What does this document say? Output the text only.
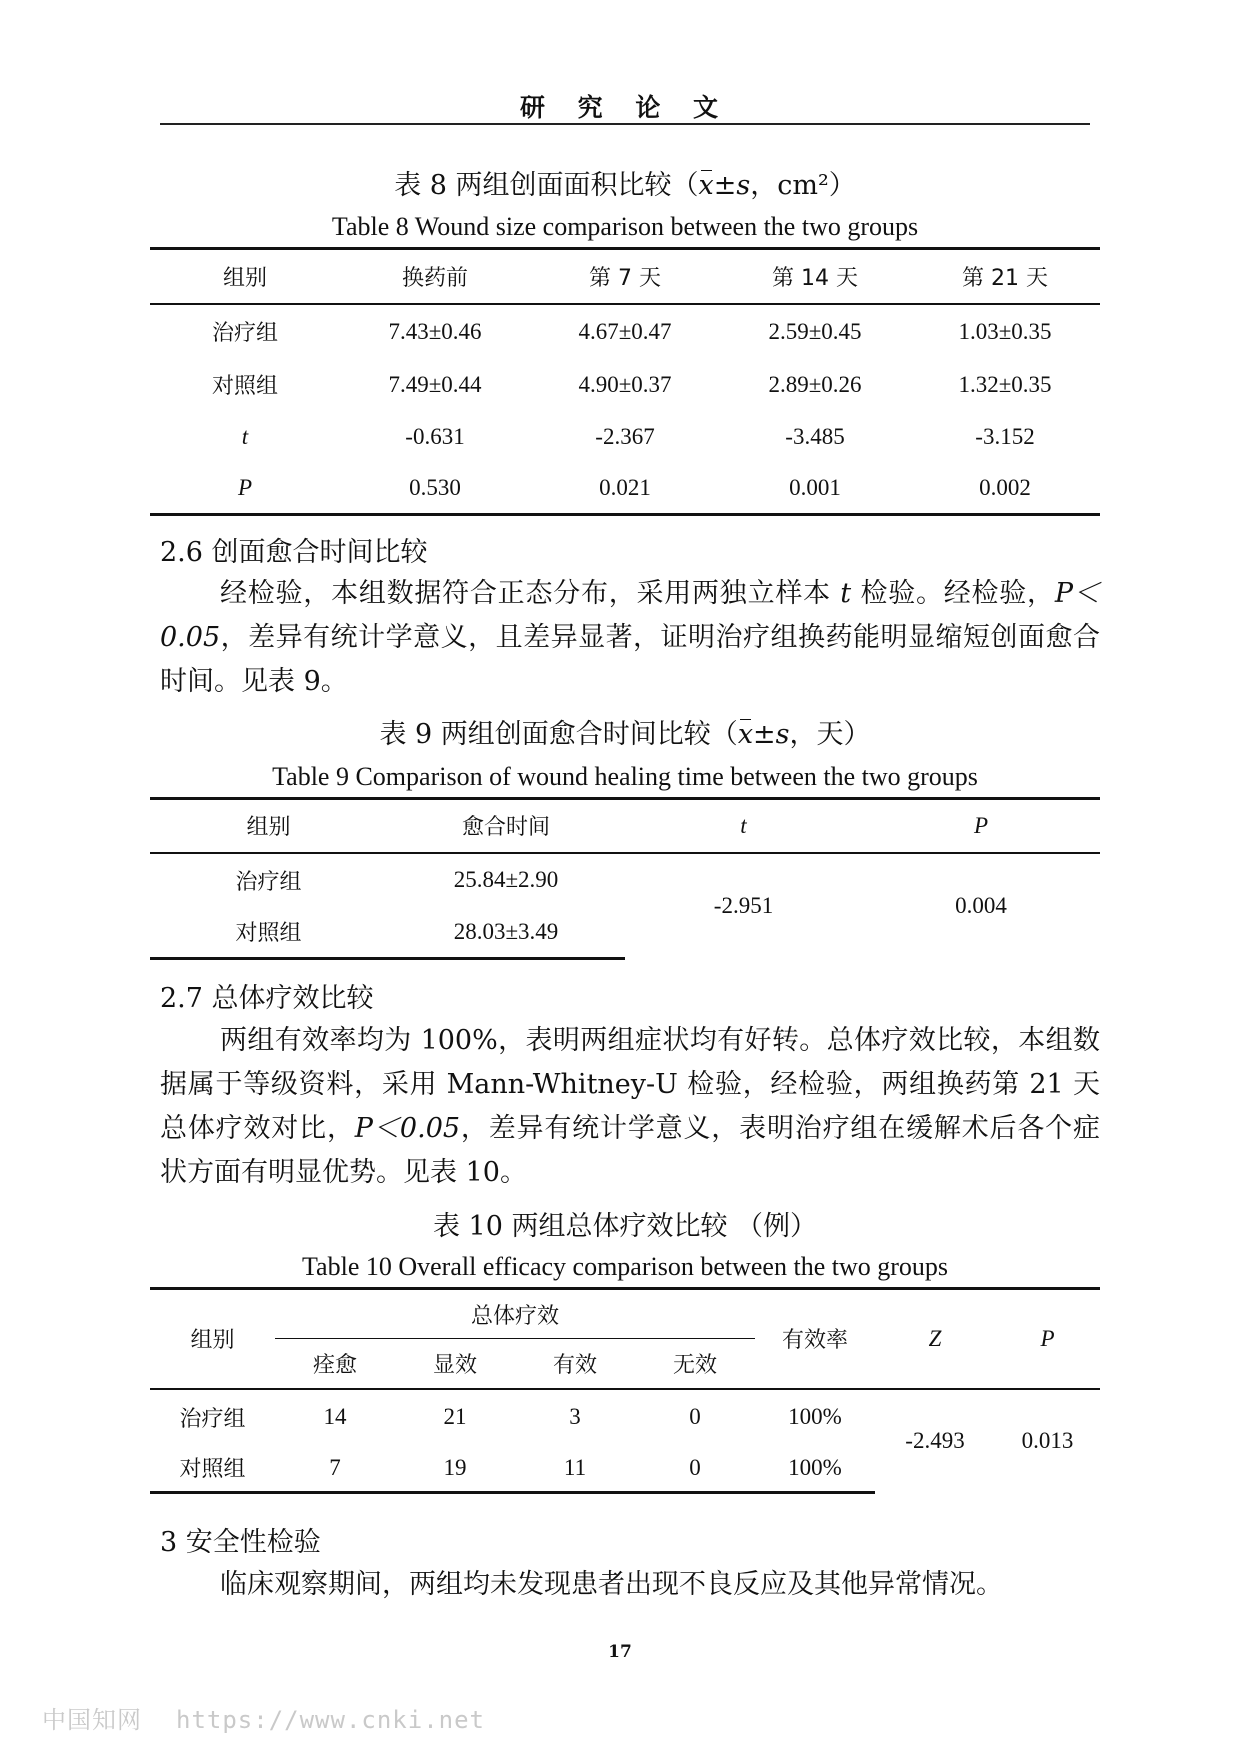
研 究 论 文
表 8 两组创面面积比较（x±s，cm²）
Table 8 Wound size comparison between the two groups
组别	换药前	第 7 天	第 14 天	第 21 天
治疗组	7.43±0.46	4.67±0.47	2.59±0.45	1.03±0.35
对照组	7.49±0.44	4.90±0.37	2.89±0.26	1.32±0.35
t	-0.631	-2.367	-3.485	-3.152
P	0.530	0.021	0.001	0.002
2.6 创面愈合时间比较

经检验，本组数据符合正态分布，采用两独立样本 t 检验。经检验，P＜0.05，差异有统计学意义，且差异显著，证明治疗组换药能明显缩短创面愈合时间。见表 9。

表 9 两组创面愈合时间比较（x±s，天）
Table 9 Comparison of wound healing time between the two groups
组别	愈合时间	t	P
治疗组	25.84±2.90	-2.951	0.004
对照组	28.03±3.49		
2.7 总体疗效比较

两组有效率均为 100%，表明两组症状均有好转。总体疗效比较，本组数据属于等级资料，采用 Mann-Whitney-U 检验，经检验，两组换药第 21 天总体疗效对比，P＜0.05，差异有统计学意义，表明治疗组在缓解术后各个症状方面有明显优势。见表 10。

表 10 两组总体疗效比较 （例）
Table 10 Overall efficacy comparison between the two groups
组别	总体疗效				有效率	Z	P
	痊愈	显效	有效	无效			
治疗组	14	21	3	0	100%	-2.493	0.013
对照组	7	19	11	0	100%		
3 安全性检验

临床观察期间，两组均未发现患者出现不良反应及其他异常情况。

17
中国知网 https://www.cnki.net
